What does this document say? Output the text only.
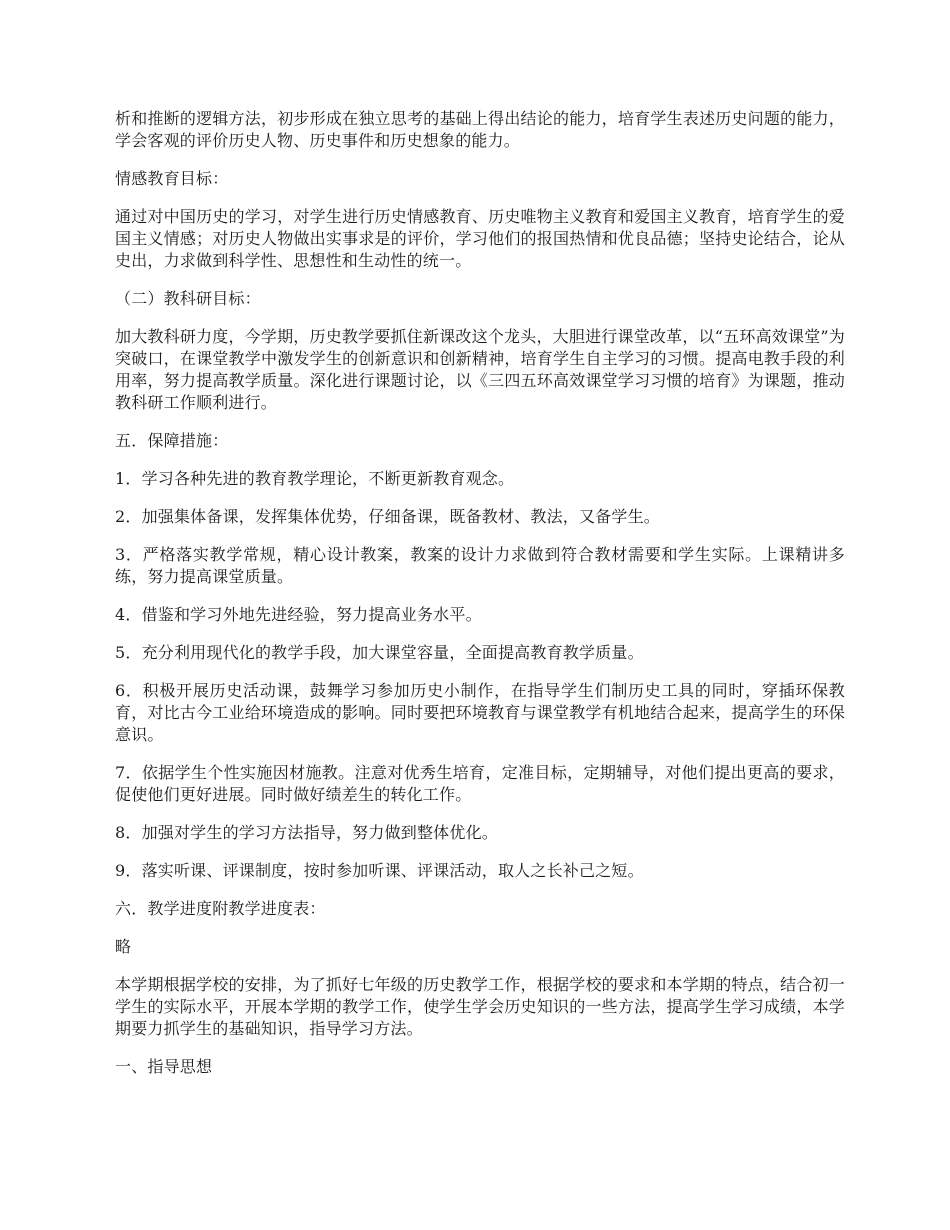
析和推断的逻辑方法，初步形成在独立思考的基础上得出结论的能力，培育学生表述历史问题的能力，学会客观的评价历史人物、历史事件和历史想象的能力。

情感教育目标：

通过对中国历史的学习，对学生进行历史情感教育、历史唯物主义教育和爱国主义教育，培育学生的爱国主义情感；对历史人物做出实事求是的评价，学习他们的报国热情和优良品德；坚持史论结合，论从史出，力求做到科学性、思想性和生动性的统一。

（二）教科研目标：

加大教科研力度，今学期，历史教学要抓住新课改这个龙头，大胆进行课堂改革，以“五环高效课堂”为突破口，在课堂教学中激发学生的创新意识和创新精神，培育学生自主学习的习惯。提高电教手段的利用率，努力提高教学质量。深化进行课题讨论，以《三四五环高效课堂学习习惯的培育》为课题，推动教科研工作顺利进行。

五．保障措施：

1．学习各种先进的教育教学理论，不断更新教育观念。

2．加强集体备课，发挥集体优势，仔细备课，既备教材、教法，又备学生。

3．严格落实教学常规，精心设计教案，教案的设计力求做到符合教材需要和学生实际。上课精讲多练，努力提高课堂质量。

4．借鉴和学习外地先进经验，努力提高业务水平。

5．充分利用现代化的教学手段，加大课堂容量，全面提高教育教学质量。

6．积极开展历史活动课，鼓舞学习参加历史小制作，在指导学生们制历史工具的同时，穿插环保教育，对比古今工业给环境造成的影响。同时要把环境教育与课堂教学有机地结合起来，提高学生的环保意识。

7．依据学生个性实施因材施教。注意对优秀生培育，定准目标，定期辅导，对他们提出更高的要求，促使他们更好进展。同时做好绩差生的转化工作。

8．加强对学生的学习方法指导，努力做到整体优化。

9．落实听课、评课制度，按时参加听课、评课活动，取人之长补己之短。

六．教学进度附教学进度表：

略

本学期根据学校的安排，为了抓好七年级的历史教学工作，根据学校的要求和本学期的特点，结合初一学生的实际水平，开展本学期的教学工作，使学生学会历史知识的一些方法，提高学生学习成绩，本学期要力抓学生的基础知识，指导学习方法。

一、指导思想
